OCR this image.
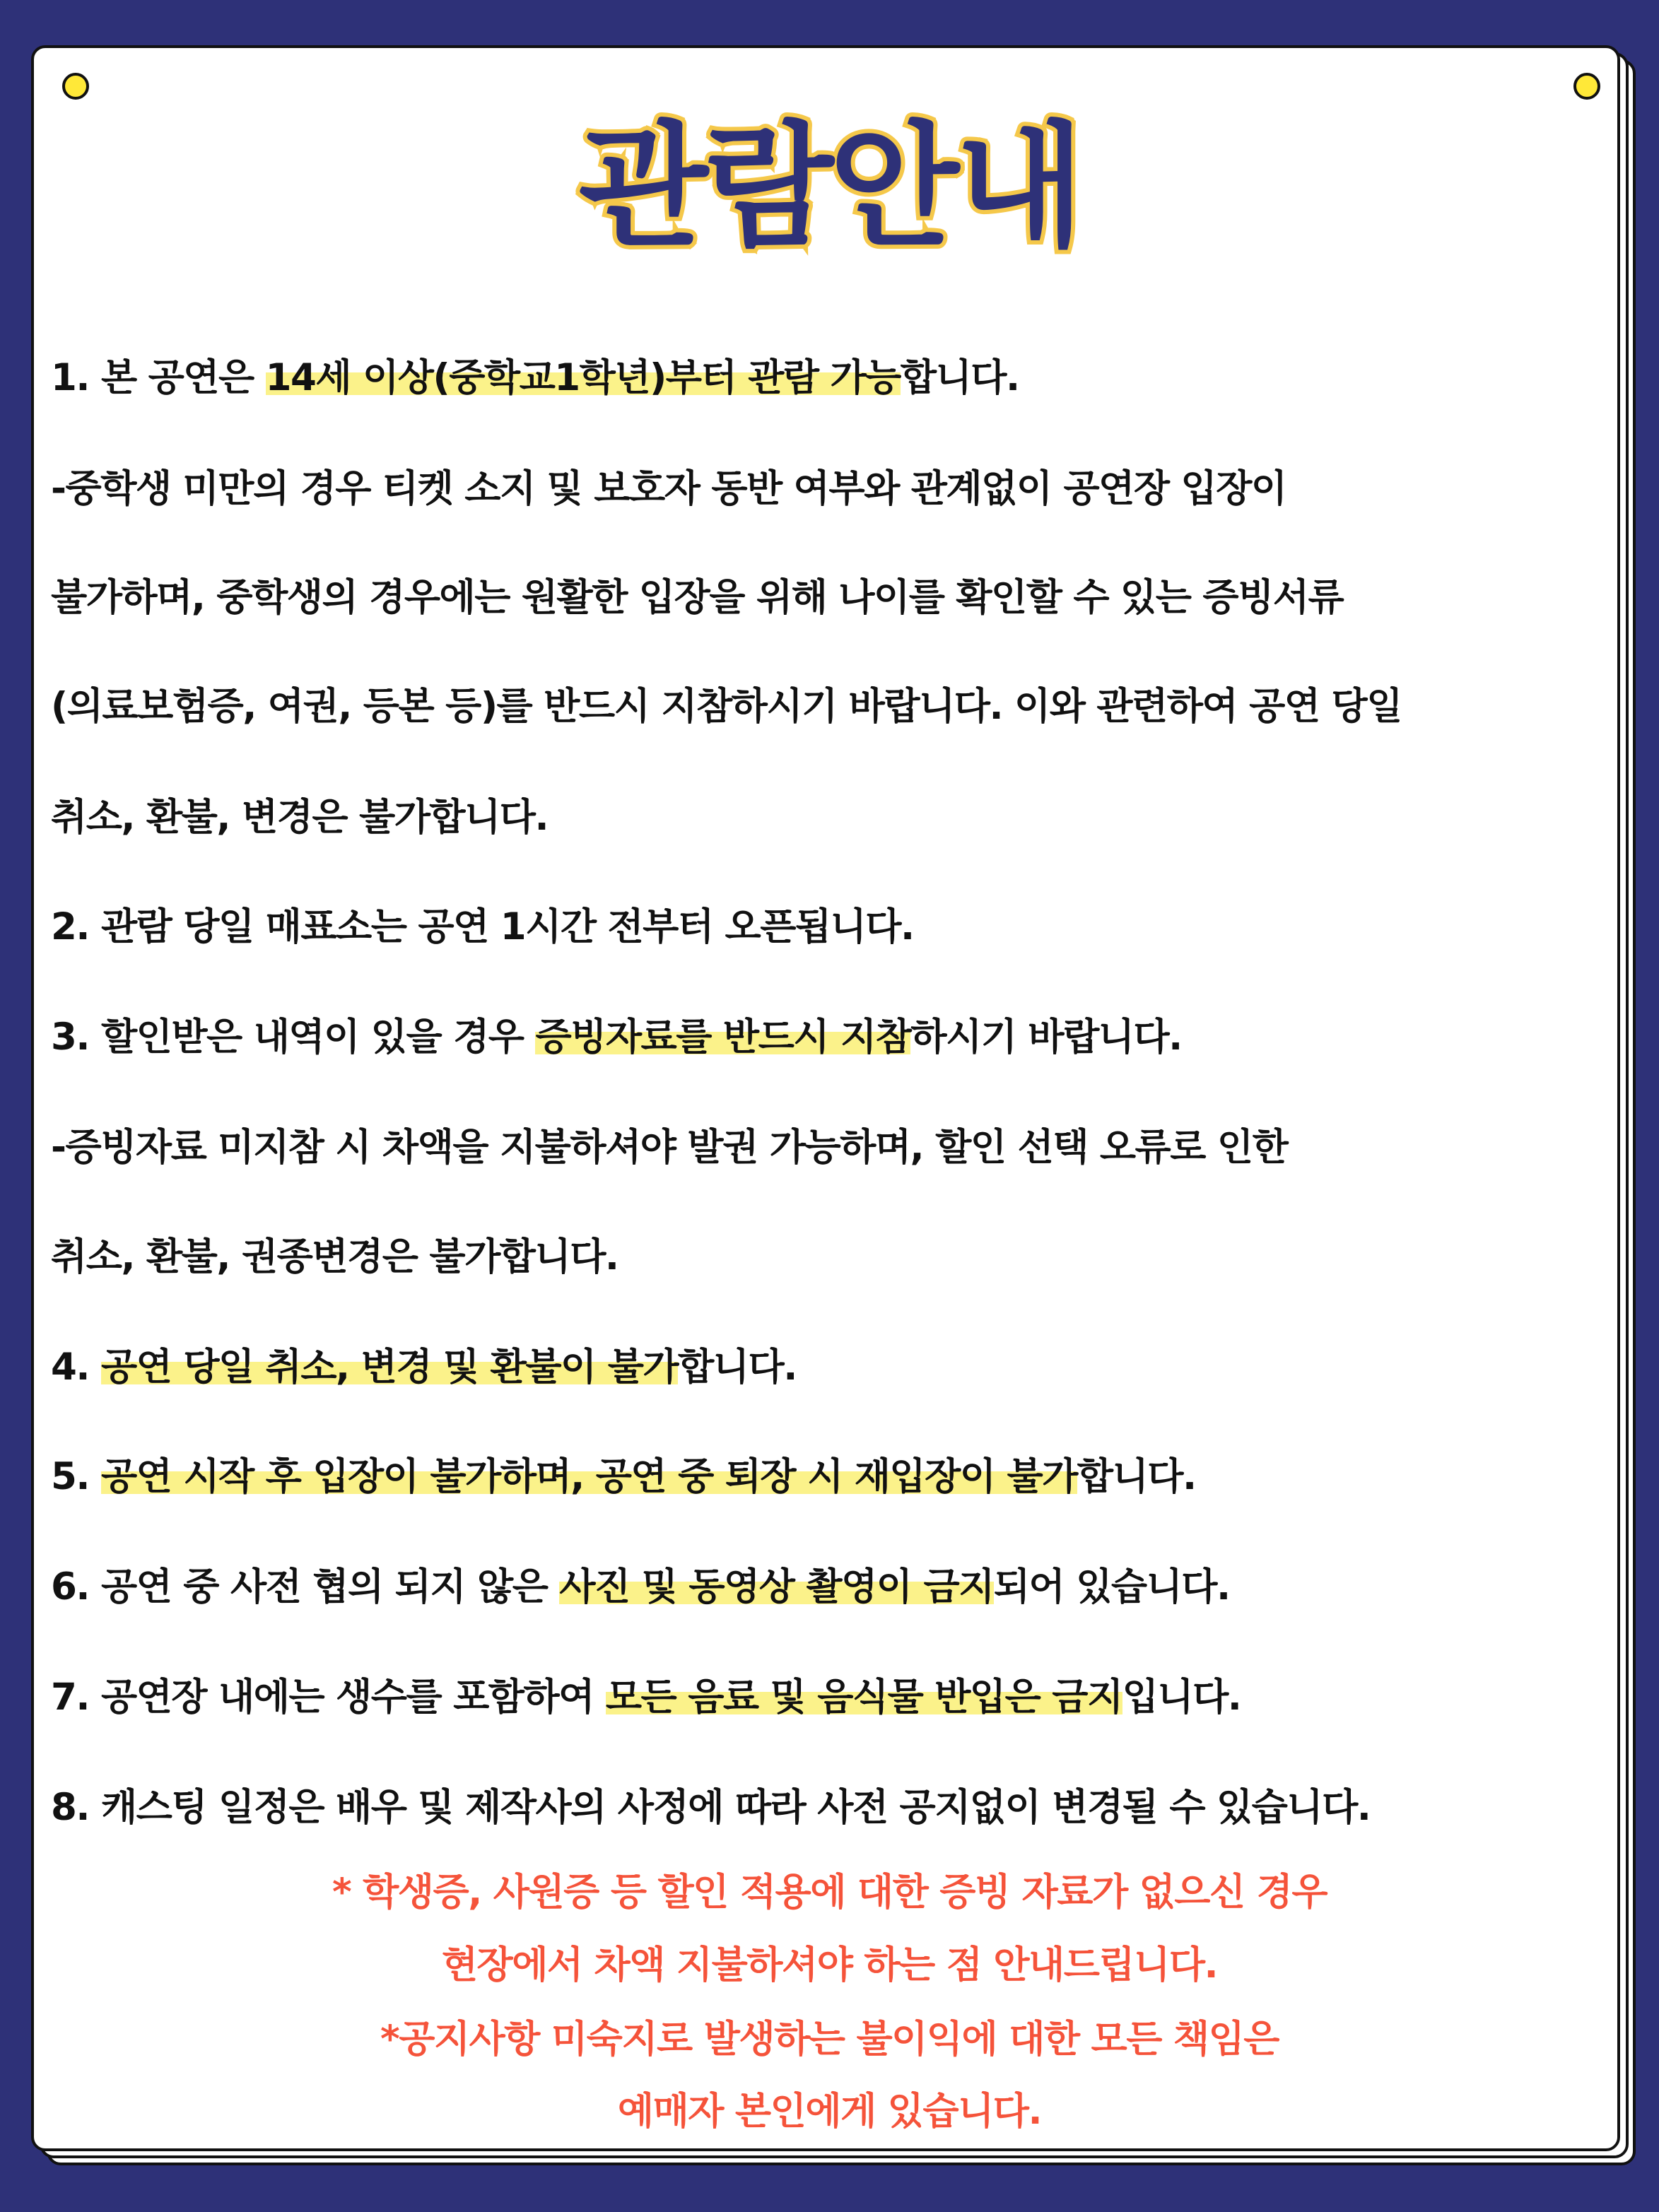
관람안내
1. 본 공연은 14세 이상(중학교1학년)부터 관람 가능합니다.
-중학생 미만의 경우 티켓 소지 및 보호자 동반 여부와 관계없이 공연장 입장이
불가하며, 중학생의 경우에는 원활한 입장을 위해 나이를 확인할 수 있는 증빙서류
(의료보험증, 여권, 등본 등)를 반드시 지참하시기 바랍니다. 이와 관련하여 공연 당일
취소, 환불, 변경은 불가합니다.
2. 관람 당일 매표소는 공연 1시간 전부터 오픈됩니다.
3. 할인받은 내역이 있을 경우 증빙자료를 반드시 지참하시기 바랍니다.
-증빙자료 미지참 시 차액을 지불하셔야 발권 가능하며, 할인 선택 오류로 인한
취소, 환불, 권종변경은 불가합니다.
4. 공연 당일 취소, 변경 및 환불이 불가합니다.
5. 공연 시작 후 입장이 불가하며, 공연 중 퇴장 시 재입장이 불가합니다.
6. 공연 중 사전 협의 되지 않은 사진 및 동영상 촬영이 금지되어 있습니다.
7. 공연장 내에는 생수를 포함하여 모든 음료 및 음식물 반입은 금지입니다.
8. 캐스팅 일정은 배우 및 제작사의 사정에 따라 사전 공지없이 변경될 수 있습니다.
* 학생증, 사원증 등 할인 적용에 대한 증빙 자료가 없으신 경우
현장에서 차액 지불하셔야 하는 점 안내드립니다.
*공지사항 미숙지로 발생하는 불이익에 대한 모든 책임은
예매자 본인에게 있습니다.
